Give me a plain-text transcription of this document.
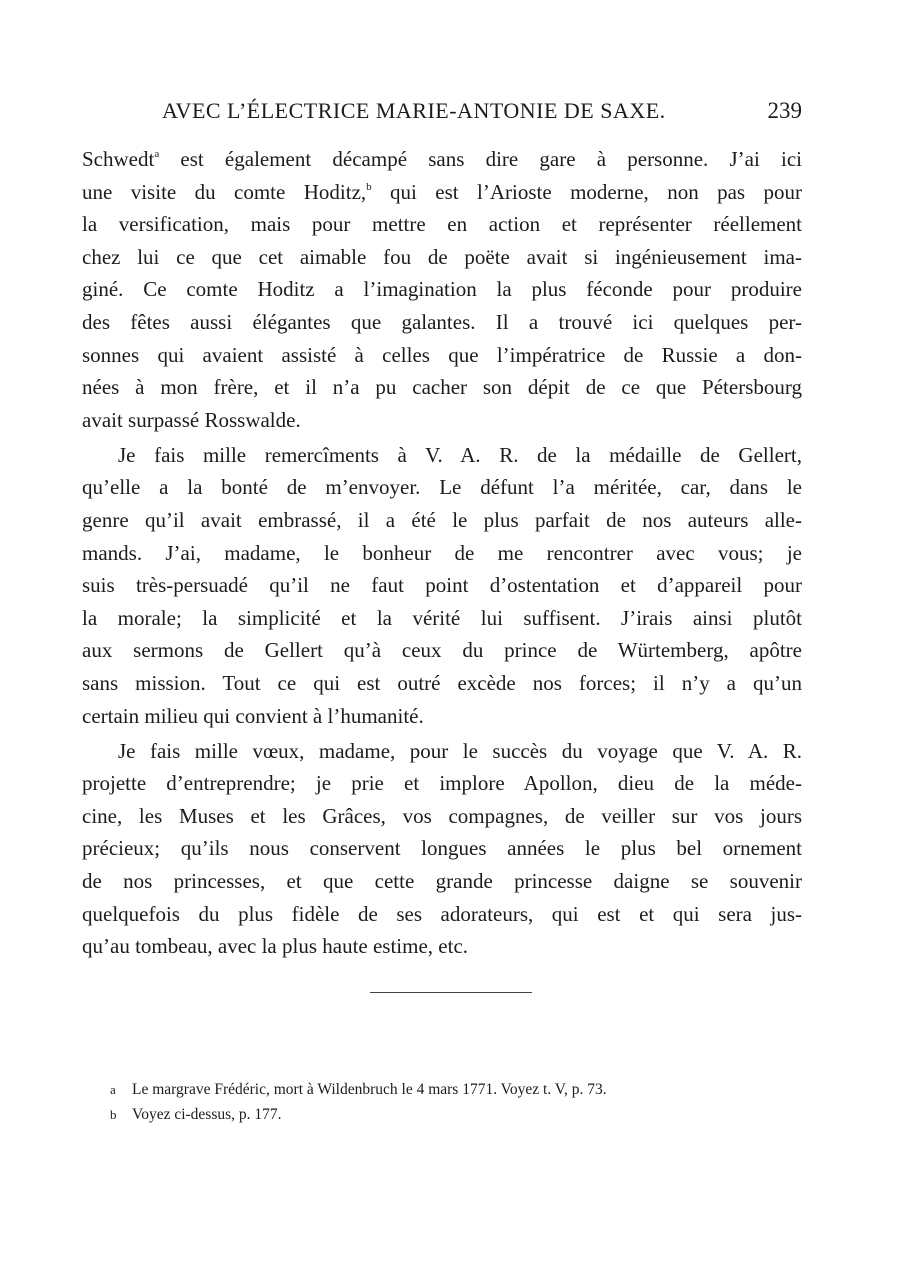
AVEC L’ÉLECTRICE MARIE-ANTONIE DE SAXE.	239
Schwedt$^a$ est également décampé sans dire gare à personne. J’ai ici
une visite du comte Hoditz,$^b$ qui est l’Arioste moderne, non pas pour
la versification, mais pour mettre en action et représenter réellement
chez lui ce que cet aimable fou de poëte avait si ingénieusement ima-
giné. Ce comte Hoditz a l’imagination la plus féconde pour produire
des fêtes aussi élégantes que galantes. Il a trouvé ici quelques per-
sonnes qui avaient assisté à celles que l’impératrice de Russie a don-
nées à mon frère, et il n’a pu cacher son dépit de ce que Pétersbourg
avait surpassé Rosswalde.
Je fais mille remercîments à V. A. R. de la médaille de Gellert,
qu’elle a la bonté de m’envoyer. Le défunt l’a méritée, car, dans le
genre qu’il avait embrassé, il a été le plus parfait de nos auteurs alle-
mands. J’ai, madame, le bonheur de me rencontrer avec vous; je
suis très-persuadé qu’il ne faut point d’ostentation et d’appareil pour
la morale; la simplicité et la vérité lui suffisent. J’irais ainsi plutôt
aux sermons de Gellert qu’à ceux du prince de Würtemberg, apôtre
sans mission. Tout ce qui est outré excède nos forces; il n’y a qu’un
certain milieu qui convient à l’humanité.
Je fais mille vœux, madame, pour le succès du voyage que V. A. R.
projette d’entreprendre; je prie et implore Apollon, dieu de la méde-
cine, les Muses et les Grâces, vos compagnes, de veiller sur vos jours
précieux; qu’ils nous conservent longues années le plus bel ornement
de nos princesses, et que cette grande princesse daigne se souvenir
quelquefois du plus fidèle de ses adorateurs, qui est et qui sera jus-
qu’au tombeau, avec la plus haute estime, etc.
a Le margrave Frédéric, mort à Wildenbruch le 4 mars 1771. Voyez t. V, p. 73.
b Voyez ci-dessus, p. 177.
